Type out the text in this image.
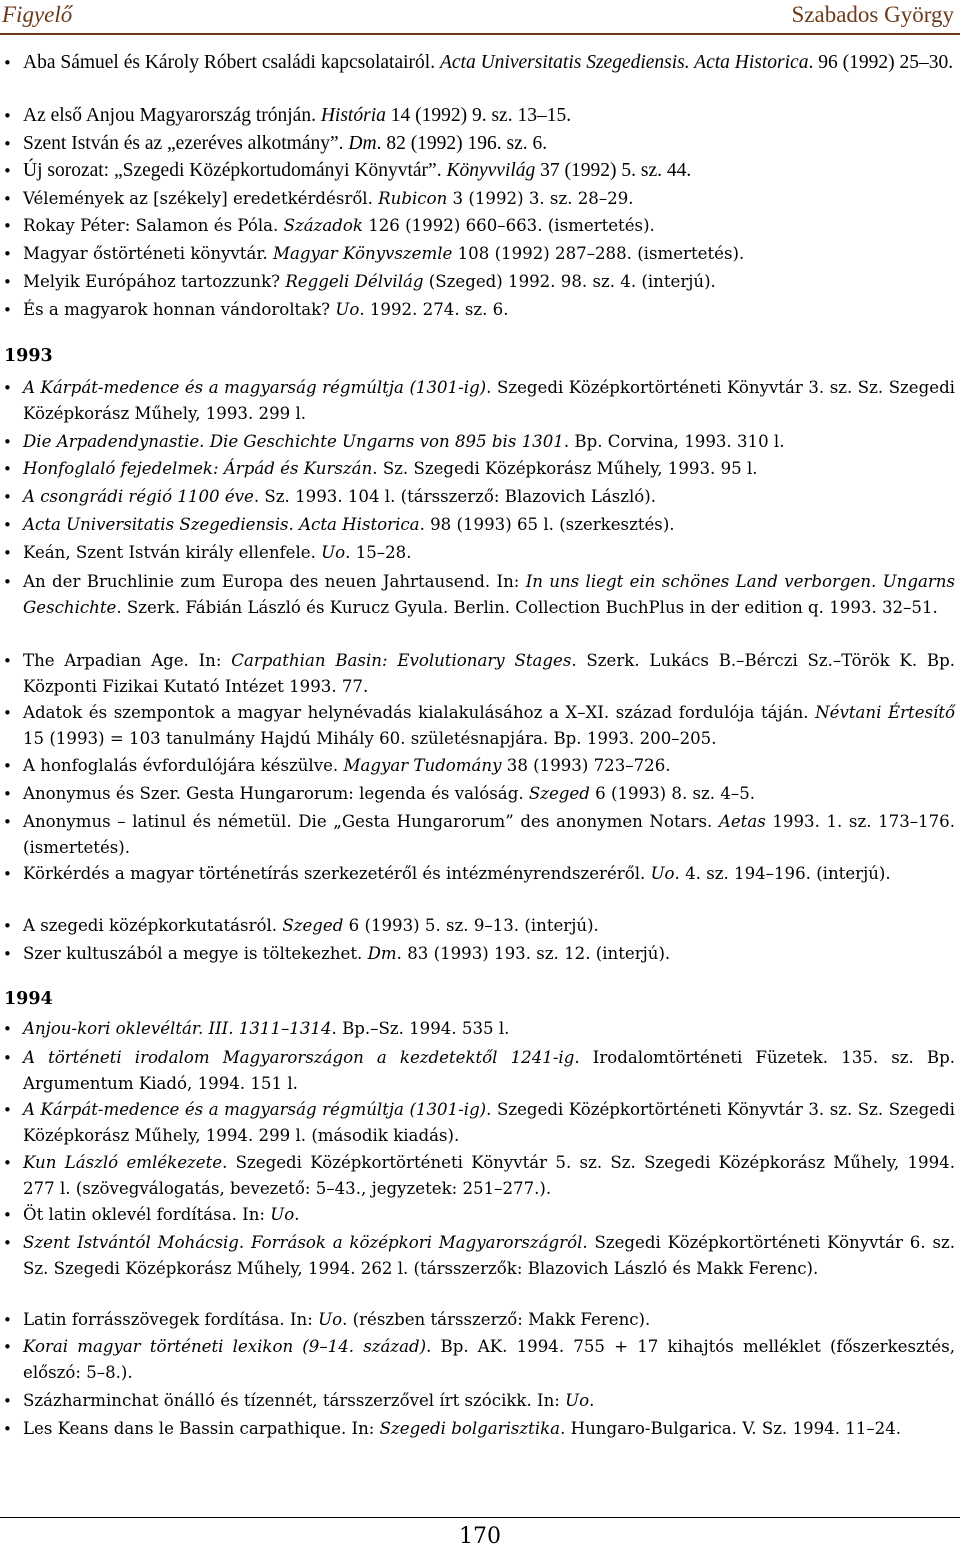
Figyelő	Szabados György

• Aba Sámuel és Károly Róbert családi kapcsolatairól. Acta Universitatis Szegediensis. Acta Historica. 96 (1992) 25–30.

• Az első Anjou Magyarország trónján. História 14 (1992) 9. sz. 13–15.

• Szent István és az „ezeréves alkotmány”. Dm. 82 (1992) 196. sz. 6.

• Új sorozat: „Szegedi Középkortudományi Könyvtár”. Könyvvilág 37 (1992) 5. sz. 44.

• Vélemények az [székely] eredetkérdésről. Rubicon 3 (1992) 3. sz. 28–29.

• Rokay Péter: Salamon és Póla. Századok 126 (1992) 660–663. (ismertetés).

• Magyar őstörténeti könyvtár. Magyar Könyvszemle 108 (1992) 287–288. (ismertetés).

• Melyik Európához tartozzunk? Reggeli Délvilág (Szeged) 1992. 98. sz. 4. (interjú).

• És a magyarok honnan vándoroltak? Uo. 1992. 274. sz. 6.

1993

• A Kárpát-medence és a magyarság régmúltja (1301-ig). Szegedi Középkortörténeti Könyvtár 3. sz. Sz. Szegedi Középkorász Műhely, 1993. 299 l.

• Die Arpadendynastie. Die Geschichte Ungarns von 895 bis 1301. Bp. Corvina, 1993. 310 l.

• Honfoglaló fejedelmek: Árpád és Kurszán. Sz. Szegedi Középkorász Műhely, 1993. 95 l.

• A csongrádi régió 1100 éve. Sz. 1993. 104 l. (társszerző: Blazovich László).

• Acta Universitatis Szegediensis. Acta Historica. 98 (1993) 65 l. (szerkesztés).

• Keán, Szent István király ellenfele. Uo. 15–28.

• An der Bruchlinie zum Europa des neuen Jahrtausend. In: In uns liegt ein schönes Land verborgen. Ungarns Geschichte. Szerk. Fábián László és Kurucz Gyula. Berlin. Collection BuchPlus in der edition q. 1993. 32–51.

• The Arpadian Age. In: Carpathian Basin: Evolutionary Stages. Szerk. Lukács B.–Bérczi Sz.–Török K. Bp. Központi Fizikai Kutató Intézet 1993. 77.

• Adatok és szempontok a magyar helynévadás kialakulásához a X–XI. század fordulója táján. Névtani Értesítő 15 (1993) = 103 tanulmány Hajdú Mihály 60. születésnapjára. Bp. 1993. 200–205.

• A honfoglalás évfordulójára készülve. Magyar Tudomány 38 (1993) 723–726.

• Anonymus és Szer. Gesta Hungarorum: legenda és valóság. Szeged 6 (1993) 8. sz. 4–5.

• Anonymus – latinul és németül. Die „Gesta Hungarorum” des anonymen Notars. Aetas 1993. 1. sz. 173–176. (ismertetés).

• Körkérdés a magyar történetírás szerkezetéről és intézményrendszeréről. Uo. 4. sz. 194–196. (interjú).

• A szegedi középkorkutatásról. Szeged 6 (1993) 5. sz. 9–13. (interjú).

• Szer kultuszából a megye is töltekezhet. Dm. 83 (1993) 193. sz. 12. (interjú).

1994

• Anjou-kori oklevéltár. III. 1311–1314. Bp.–Sz. 1994. 535 l.

• A történeti irodalom Magyarországon a kezdetektől 1241-ig. Irodalomtörténeti Füzetek. 135. sz. Bp. Argumentum Kiadó, 1994. 151 l.

• A Kárpát-medence és a magyarság régmúltja (1301-ig). Szegedi Középkortörténeti Könyvtár 3. sz. Sz. Szegedi Középkorász Műhely, 1994. 299 l. (második kiadás).

• Kun László emlékezete. Szegedi Középkortörténeti Könyvtár 5. sz. Sz. Szegedi Középkorász Műhely, 1994. 277 l. (szövegválogatás, bevezető: 5–43., jegyzetek: 251–277.).

• Öt latin oklevél fordítása. In: Uo.

• Szent Istvántól Mohácsig. Források a középkori Magyarországról. Szegedi Középkortörténeti Könyvtár 6. sz. Sz. Szegedi Középkorász Műhely, 1994. 262 l. (társszerzők: Blazovich László és Makk Ferenc).

• Latin forrásszövegek fordítása. In: Uo. (részben társszerző: Makk Ferenc).

• Korai magyar történeti lexikon (9–14. század). Bp. AK. 1994. 755 + 17 kihajtós melléklet (főszerkesztés, előszó: 5–8.).

• Százharminchat önálló és tízennét, társszerzővel írt szócikk. In: Uo.

• Les Keans dans le Bassin carpathique. In: Szegedi bolgarisztika. Hungaro-Bulgarica. V. Sz. 1994. 11–24.

170
